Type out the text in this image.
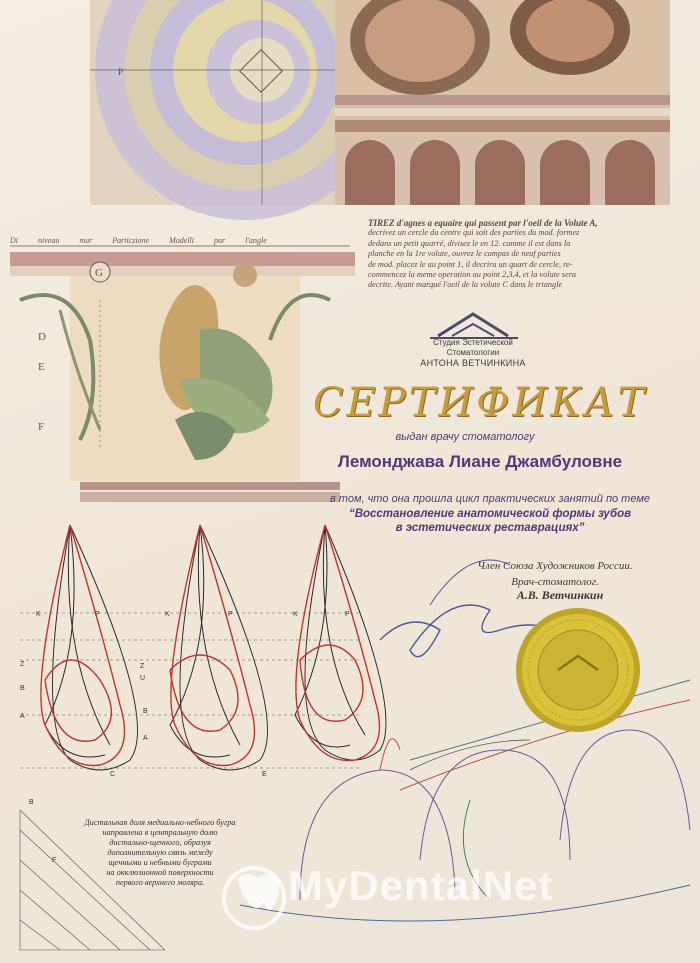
P
K	P	K	P	K	P
Z
U
B
A
Z
B
A
E
C
F
B
G
D
E
F
Di niveau mur Particzione Modelli par l'angle
TIREZ d'agnes a equaire qui passent par l'oeil de la Volute A,
decrivez un cercle du centre qui soit des parties du mod. formez
dedans un petit quarré, divisez le en 12. comme il est dans la
planche en la 1re volute, ouvrez le compas de neuf parties
de mod. placez le au point 1, il decrira un quart de cercle, re-
commencez la meme operation au point 2,3,4, et la volute sera
decrite. Ayant marqué l'oeil de la volute C dans le triangle
Студия Эстетической Стоматологии
АНТОНА ВЕТЧИНКИНА
СЕРТИФИКАТ
выдан врачу стоматологу
Лемонджава Лиане Джамбуловне
в том, что она прошла цикл практических занятий по теме
“Восстановление анатомической формы зубов
в эстетических реставрациях”
Член Союза Художников России.
Врач-стоматолог.
А.В. Ветчинкин
Дистальная доля медиально-небного бугра
направлена в центральную долю
дистально-щечного, образуя
дополнительную связь между
щечными и небными буграми
на окклюзионной поверхности
первого верхнего моляра.	MyDentalNet
